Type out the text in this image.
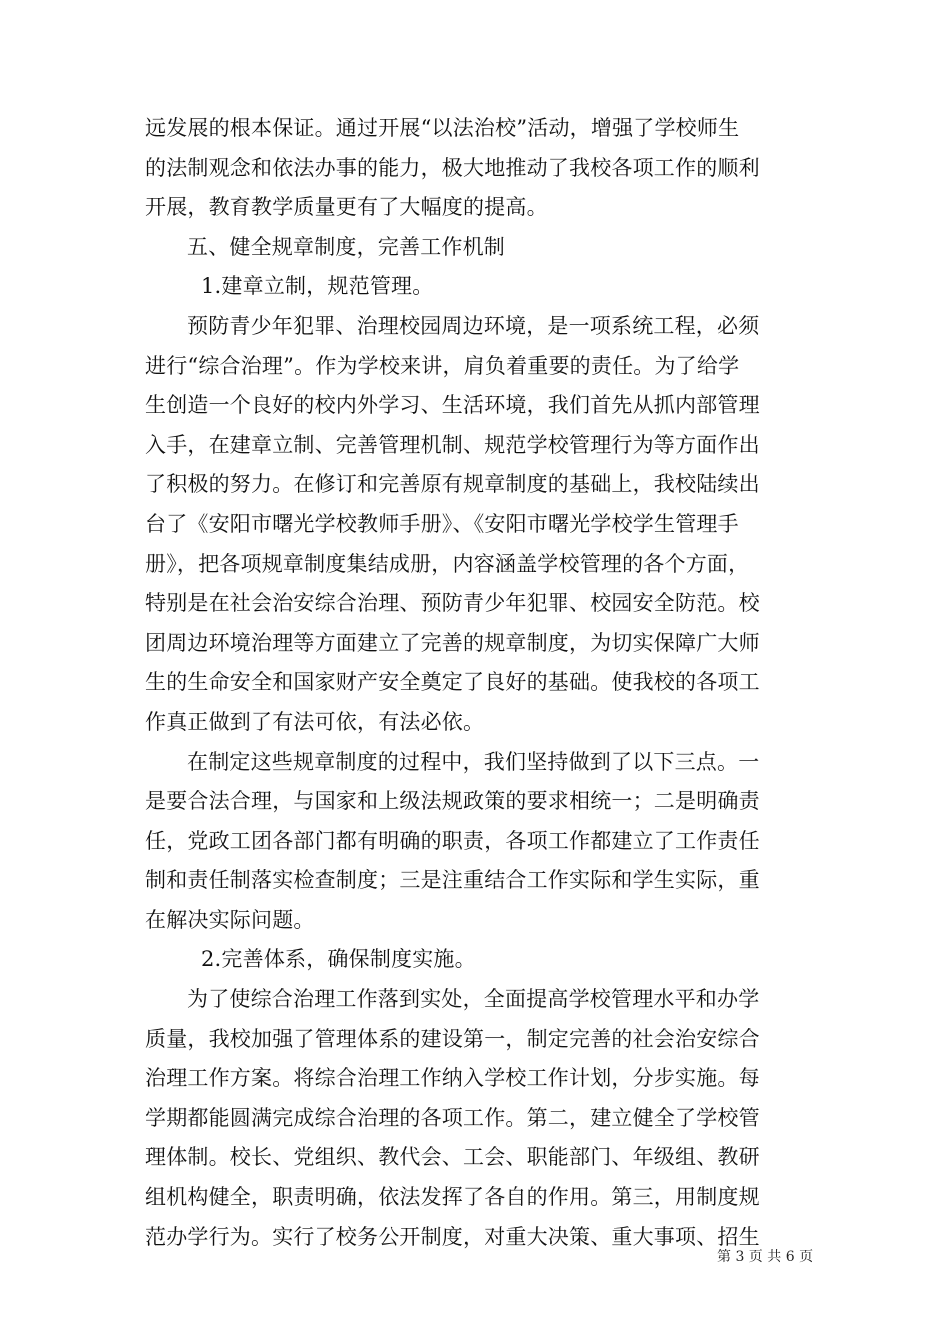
远发展的根本保证。通过开展“以法治校”活动，增强了学校师生
的法制观念和依法办事的能力，极大地推动了我校各项工作的顺利
开展，教育教学质量更有了大幅度的提高。
五、健全规章制度，完善工作机制
1.建章立制，规范管理。
预防青少年犯罪、治理校园周边环境，是一项系统工程，必须
进行“综合治理”。作为学校来讲，肩负着重要的责任。为了给学
生创造一个良好的校内外学习、生活环境，我们首先从抓内部管理
入手，在建章立制、完善管理机制、规范学校管理行为等方面作出
了积极的努力。在修订和完善原有规章制度的基础上，我校陆续出
台了《安阳市曙光学校教师手册》、《安阳市曙光学校学生管理手
册》，把各项规章制度集结成册，内容涵盖学校管理的各个方面，
特别是在社会治安综合治理、预防青少年犯罪、校园安全防范。校
团周边环境治理等方面建立了完善的规章制度，为切实保障广大师
生的生命安全和国家财产安全奠定了良好的基础。使我校的各项工
作真正做到了有法可依，有法必依。
在制定这些规章制度的过程中，我们坚持做到了以下三点。一
是要合法合理，与国家和上级法规政策的要求相统一；二是明确责
任，党政工团各部门都有明确的职责，各项工作都建立了工作责任
制和责任制落实检查制度；三是注重结合工作实际和学生实际，重
在解决实际问题。
2.完善体系，确保制度实施。
为了使综合治理工作落到实处，全面提高学校管理水平和办学
质量，我校加强了管理体系的建设第一，制定完善的社会治安综合
治理工作方案。将综合治理工作纳入学校工作计划，分步实施。每
学期都能圆满完成综合治理的各项工作。第二，建立健全了学校管
理体制。校长、党组织、教代会、工会、职能部门、年级组、教研
组机构健全，职责明确，依法发挥了各自的作用。第三，用制度规
范办学行为。实行了校务公开制度，对重大决策、重大事项、招生
第 3 页 共 6 页
